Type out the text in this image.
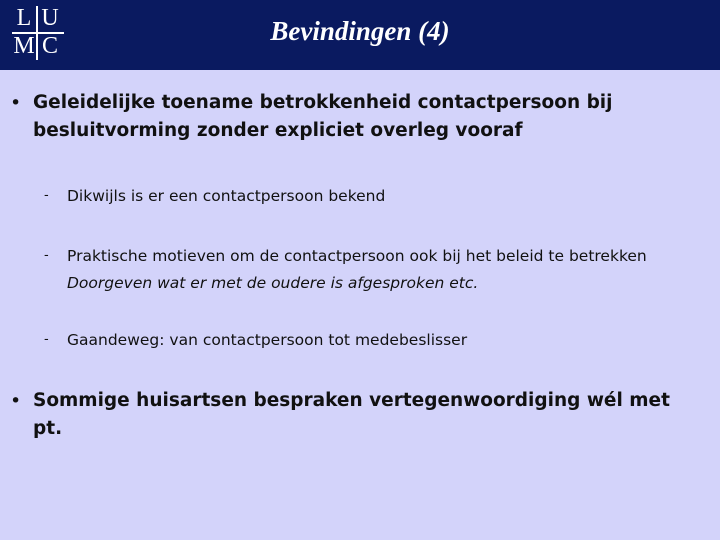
L U
M C	Bevindingen (4)
• Geleidelijke toename betrokkenheid contactpersoon bij besluitvorming zonder expliciet overleg vooraf
- Dikwijls is er een contactpersoon bekend
- Praktische motieven om de contactpersoon ook bij het beleid te betrekken
Doorgeven wat er met de oudere is afgesproken etc.
- Gaandeweg: van contactpersoon tot medebeslisser
• Sommige huisartsen bespraken vertegenwoordiging wél met pt.
